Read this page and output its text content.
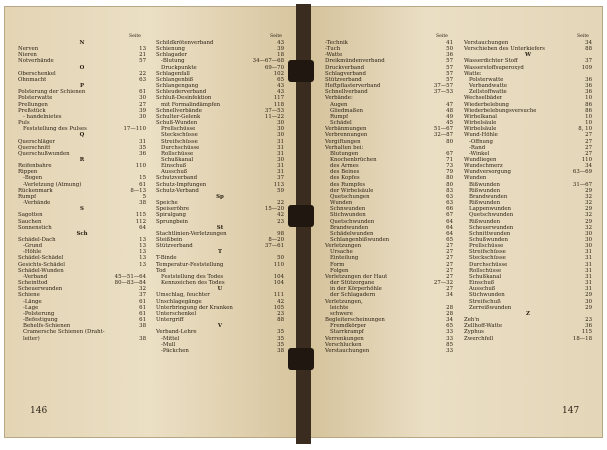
Seite	Seite	Seite	Seite
N
Nerven	13
Nieren	21
Notverbände	57
O
Oberschenkel	22
Ohnmacht	63
P
Polsterung der Schienen	61
Polsterwatte	30
Prellungen	27
Preßstück	39
- handelnietes	30
Puls
Feststellung des Pulses	17—110
Q
Querschläger	31
Querschnitt	35
Querschußwunden	36
R
Reifenbahre	110
Rippen
-Bogen	15
-Verletzung (Atmung)	61
Rückenmark	8—13
Rumpf	5
-Verbände	38
S
Sagotten	115
Sauchen	112
Sonnenstich	64
Sch
Schädel-Dach	13
-Grund	13
-Höhle	13
Schädel-Schädel	13
Gesichts-Schädel	13
Schädel-Wunden
-Verband	45—51—64
Scheinttod	80—83—84
Scheuerwunden	32
Schiene	37
-Länge	61
-Lage	61
-Polsterung	61
-Befestigung	61
Behelfs-Schienen	38
Cramersche Schienen (Draht-
leiter)	38
Schildkrötenverband	43
Schienung	39
Schlagader	18
-Blutung	34—67—68
Druckpunkte	69—70
Schlagenfall	102
Schlangenbiß	65
Schlangengang	43
Schleuderverband	43
Schluß-Desinfektion	117
mit Formalindämpfen	118
Schnellverbände	37—53
Schulter-Gelenk	11—22
Schuß-Wunden	30
Prellschüsse	30
Steckschüsse	30
Streifschüsse	31
Durchschüsse	31
Rollschüsse	31
Schußkanal	30
Einschuß	31
Ausschuß	31
Schutzverband	37
Schutz-Impfungen	113
Schutz-Verband	59
Sp
Speiche	22
Speiseröhre	15—20
Spiralgang	42
Sprungbein	23
St
Stachtlinien-Verletzungen	98
Steißbein	8—20
Stützverband	37—61
T
T-Binde	50
Temperatur-Feststellung	110
Tod
Feststellung des Todes	104
Kennzeichen des Todes	104
U
Umschlag, feuchter	111
Unschlagegänge	42
Unterbringung der Kranken	105
Unterschenkel	23
Untergriff	88
V
Verband-Lehre	35
-Mittel	35
-Mull	35
-Päckchen	38
-Technik	41
-Tuch	50
-Watte	36
Dreikmündenverband	57
Druckverband	57
Schlagverband	57
Stützverband	57
Heftpflasterverband	37—57
Schnellverband	37—53
Verbände:
Augen	47
Gliedmaßen	48
Rumpf	49
Schädel	45
Verbänmungen	51—67
Verbrennungen	32—87
Vergiftungen	80
Verhalten bei:
Blutungen	67
Knochenbrüchen	71
des Armes	73
des Beines	79
des Kopfes	80
des Rumpfes	80
der Wirbelsäule	83
Quetschungen	63
Wunden	63
Schnwunden	66
Stichwunden	67
Quetschwunden	64
Brandwunden	64
Schädelwunden	64
Schlangenbißwunden	65
Verletzungen	27
Ursache	27
Einteilung	27
Form	27
Folgen	27
Verletzungen der Haut	27
der Stützorgane	27—32
in der Körperhöhle	27
der Schlagadern	34
Verletzungen,
leichte	28
schwere	28
Begleiterscheinungen	34
Fremdkörper	65
Starrkrampf	33
Verrenkungen	33
Verschlucken	85
Verstauchungen	33
Verstauchungen	34
Verschieben des Unterkiefers	88
W
Wasserdichter Stoff	37
Wasserstoffsuperoxyd	109
Watte:
Polsterwatte	36
Verbandwatte	36
Zellstoffwatte	36
Wechselbäder	10
Wiederbelebung	86
Wiederbelebungsversuche	86
Wirbelkanal	10
Wirbelsäule	10
Wirbelsäule	8, 10
Wund-Höhle	27
-Öffnung	27
-Rand	27
-Winkel	27
Wundliegen	110
Wundschmerz	34
Wundversorgung	63—69
Wunden
Bißwunden	31—67
Rißwunden	29
Brandwunden	32
Rißwunden	32
Lappenwunden	29
Quetschwunden	32
Rißwunden	29
Scheuerwunden	32
Schnittwunden	30
Schußwunden	30
Prellschüsse	30
Streifschüsse	31
Steckschüsse	31
Durchschüsse	31
Rollschüsse	31
Schußkanal	31
Einschuß	31
Ausschuß	31
Stichwunden	29
Streifschuß	30
Zerreißwunden	29
Z
Zeh'n	23
Zellhoff-Watte	36
Zyphus	115
Zwerchfell	18—18
146	147
